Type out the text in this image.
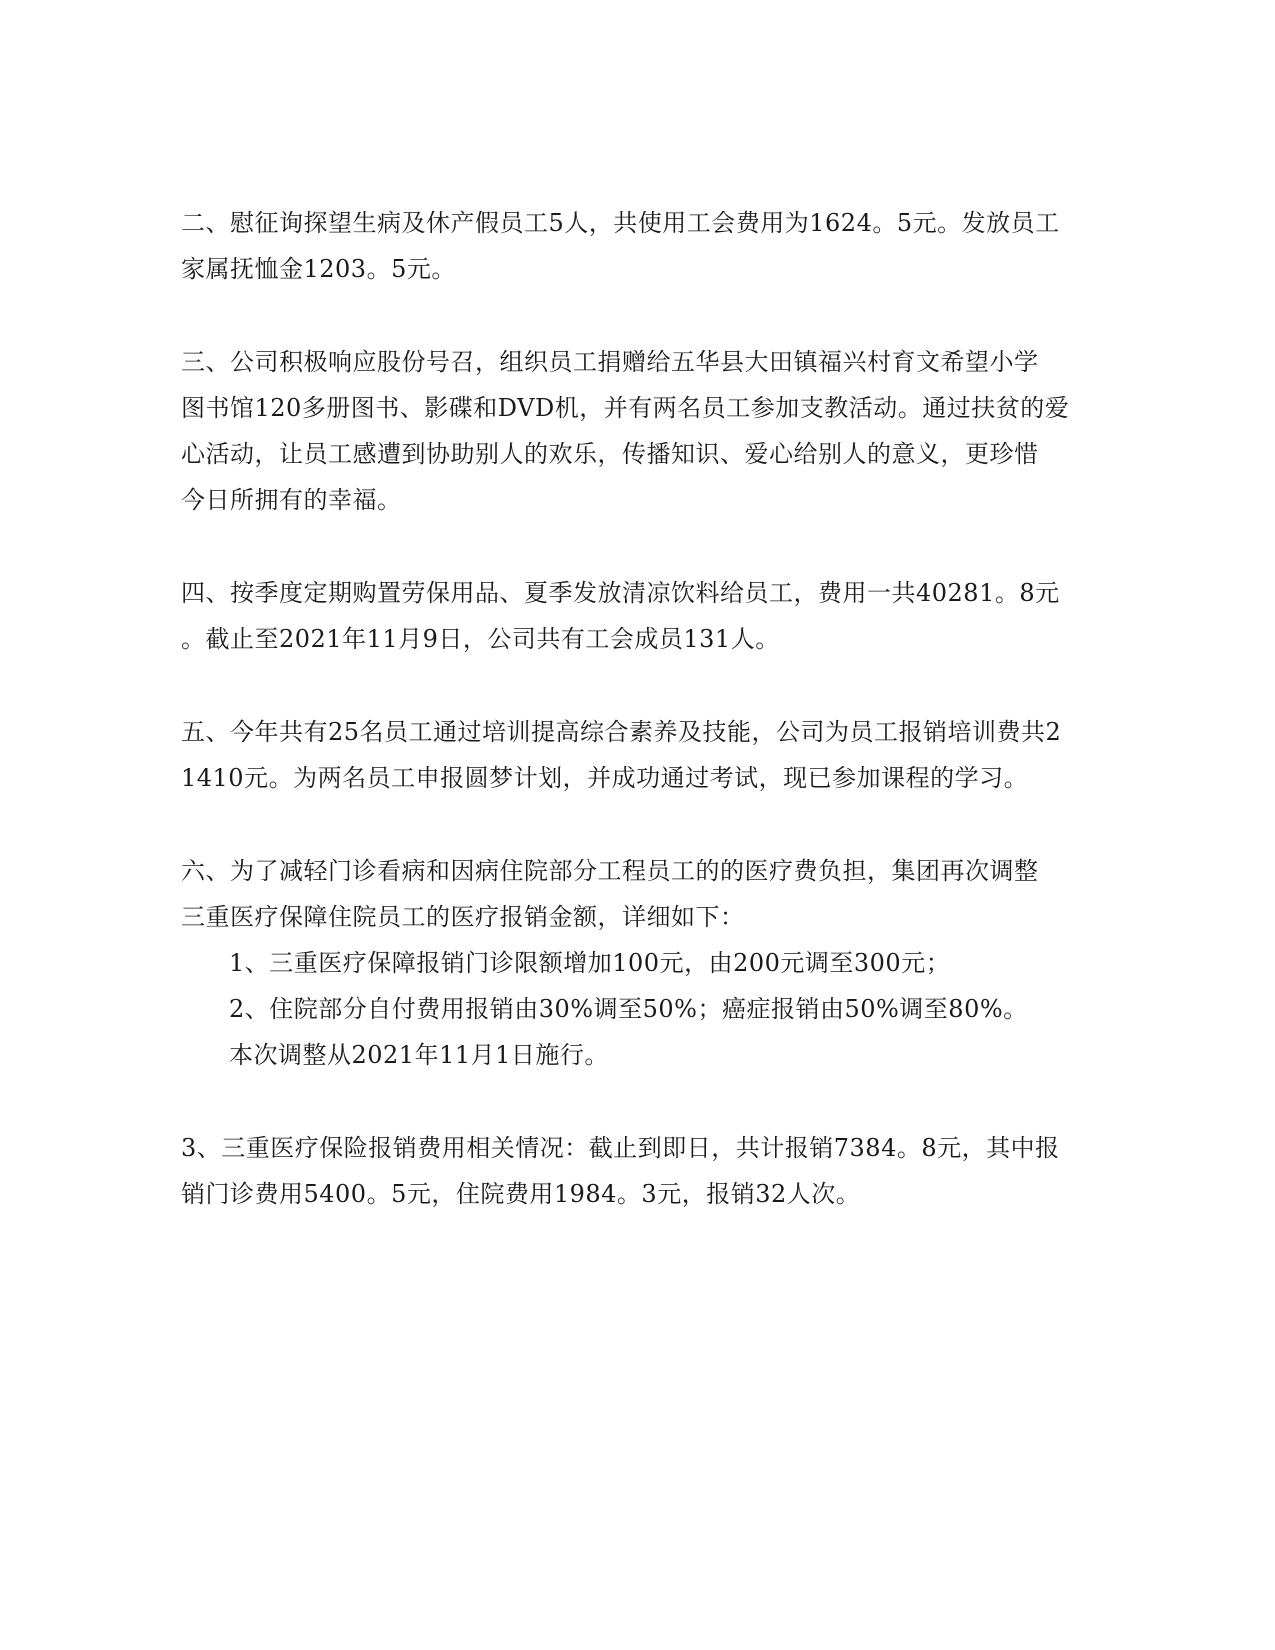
二、慰征询探望生病及休产假员工5人，共使用工会费用为1624。5元。发放员工
家属抚恤金1203。5元。
三、公司积极响应股份号召，组织员工捐赠给五华县大田镇福兴村育文希望小学
图书馆120多册图书、影碟和DVD机，并有两名员工参加支教活动。通过扶贫的爱
心活动，让员工感遭到协助别人的欢乐，传播知识、爱心给别人的意义，更珍惜
今日所拥有的幸福。
四、按季度定期购置劳保用品、夏季发放清凉饮料给员工，费用一共40281。8元
。截止至2021年11月9日，公司共有工会成员131人。
五、今年共有25名员工通过培训提高综合素养及技能，公司为员工报销培训费共2
1410元。为两名员工申报圆梦计划，并成功通过考试，现已参加课程的学习。
六、为了减轻门诊看病和因病住院部分工程员工的的医疗费负担，集团再次调整
三重医疗保障住院员工的医疗报销金额，详细如下：
1、三重医疗保障报销门诊限额增加100元，由200元调至300元；
2、住院部分自付费用报销由30%调至50%；癌症报销由50%调至80%。
本次调整从2021年11月1日施行。
3、三重医疗保险报销费用相关情况：截止到即日，共计报销7384。8元，其中报
销门诊费用5400。5元，住院费用1984。3元，报销32人次。
